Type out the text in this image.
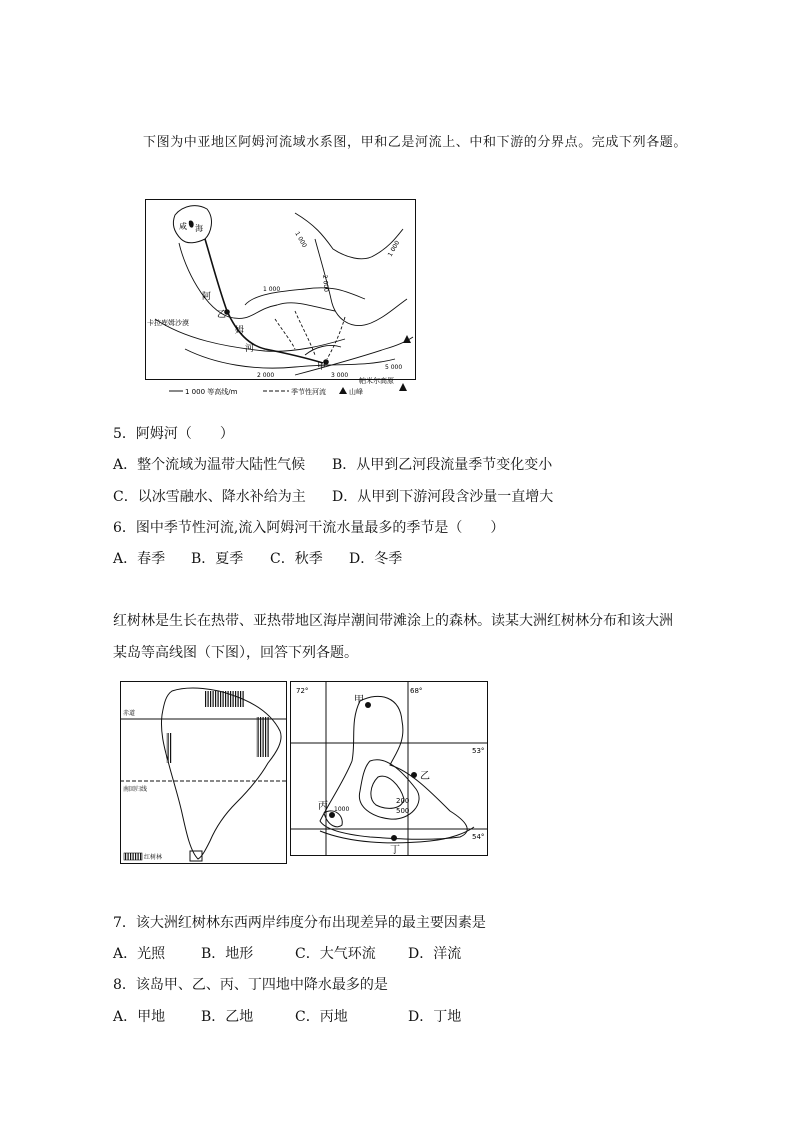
下图为中亚地区阿姆河流域水系图，甲和乙是河流上、中和下游的分界点。完成下列各题。
咸 海
阿
姆
河
乙
甲
卡拉库姆沙漠
帕米尔高原
1 000	1 000
1 000	2 000
2 000	3 000
5 000
1 000 等高线/m	季节性河流	山峰
5．阿姆河（　　）
A．整个流域为温带大陆性气候 B．从甲到乙河段流量季节变化变小
C．以冰雪融水、降水补给为主 D．从甲到下游河段含沙量一直增大
6．图中季节性河流,流入阿姆河干流水量最多的季节是（　　）
A．春季 B．夏季 C．秋季 D．冬季
红树林是生长在热带、亚热带地区海岸潮间带滩涂上的森林。读某大洲红树林分布和该大洲
某岛等高线图（下图），回答下列各题。
赤道
南回归线
红树林
72°	68°
53°
54°
甲
乙
丙
丁
200
500
1000
7．该大洲红树林东西两岸纬度分布出现差异的最主要因素是
A．光照	B．地形	C．大气环流 D．洋流
8．该岛甲、乙、丙、丁四地中降水最多的是
A．甲地	B．乙地	C．丙地	D．丁地
